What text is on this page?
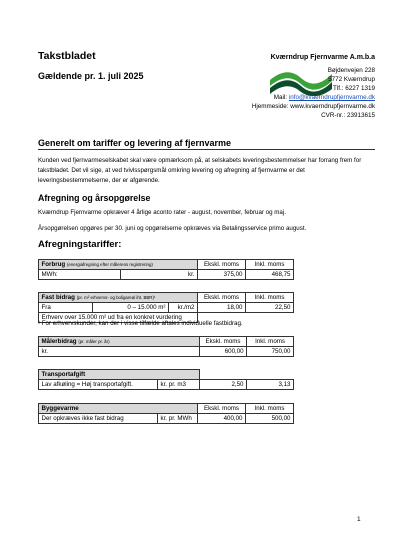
Takstbladet
Gældende pr. 1. juli 2025
Kværndrup Fjernvarme A.m.b.a
Bøjdenvejen 228
5772 Kværndrup
Tlf.: 6227 1319
Mail: info@kvaerndrupfjernvarme.dk
Hjemmeside: www.kvaerndrupfjernvarme.dk
CVR-nr.: 23913615
Generelt om tariffer og levering af fjernvarme
Kunden ved fjernvarmeselskabet skal være opmærksom på, at selskabets leveringsbestemmelser har forrang frem for takstbladet. Det vil sige, at ved tvivlsspørgsmål omkring levering og afregning af fjernvarme er det leveringsbestemmelserne, der er afgørende.
Afregning og årsopgørelse
Kværndrup Fjernvarme opkræver 4 årlige aconto rater - august, november, februar og maj.
Årsopgørelsen opgøres per 30. juni og opgørelserne opkræves via Betalingsservice primo august.
Afregningstariffer:
Forbrug (energiafregning efter målerens registrering)		Ekskl. moms	Inkl. moms
MWh:	kr.	375,00	468,75
Fast bidrag (pr. m² erhvervs- og boligareal iht. BBR)¹			Ekskl. moms	Inkl. moms
Fra	0 – 15.000 m²	kr./m2	18,00	22,50
Erhverv over 15.000 m² ud fra en konkret vurdering				
¹ For erhvervskunder, kan der i visse tilfælde aftales individuelle fastbidrag.
Målerbidrag (pr. måler pr. år)	Ekskl. moms	Inkl. moms
kr.	600,00	750,00
Transportafgift			
Lav afkøling = Høj transportafgift.	kr. pr. m3	2,50	3,13
Byggevarme		Ekskl. moms	Inkl. moms
Der opkræves ikke fast bidrag	kr. pr. MWh	400,00	500,00
1
